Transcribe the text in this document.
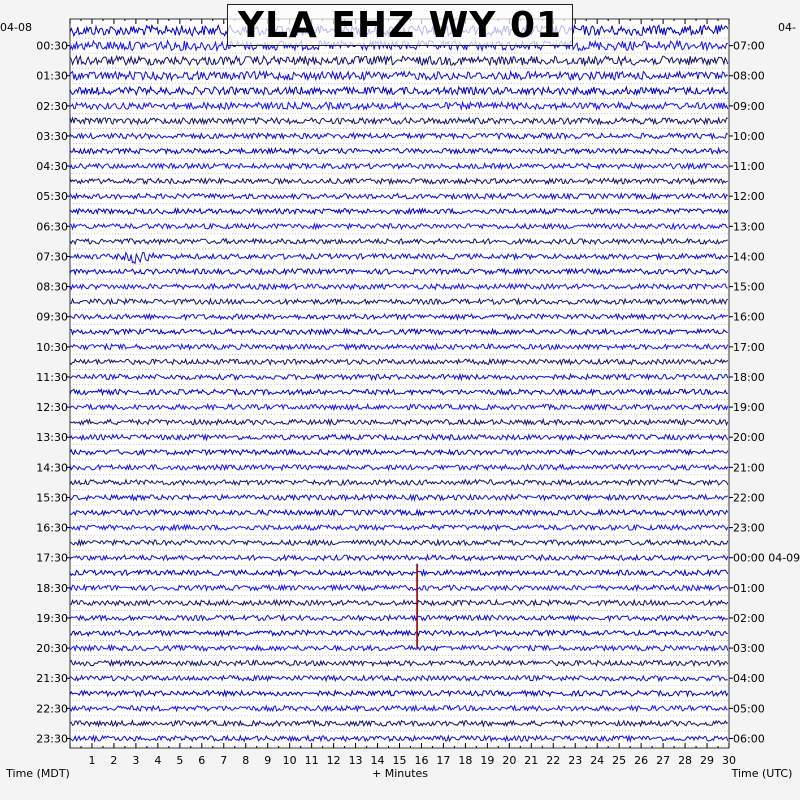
1 2 3 4 5 6 7 8 9 10 11 12 13 14 15 16 17 18 19 20 21 22 23 24 25 26 27 28 29 30
00:30
01:30
02:30
03:30
04:30
05:30
06:30
07:30
08:30
09:30
10:30
11:30
12:30
13:30
14:30
15:30
16:30
17:30
18:30
19:30
20:30
21:30
22:30
23:30
07:00
08:00
09:00
10:00
11:00
12:00
13:00
14:00
15:00
16:00
17:00
18:00
19:00
20:00
21:00
22:00
23:00
00:00 04-09
01:00
02:00
03:00
04:00
05:00
06:00
04-08	04-
Time (MDT)	+ Minutes	Time (UTC)
YLA EHZ WY 01
